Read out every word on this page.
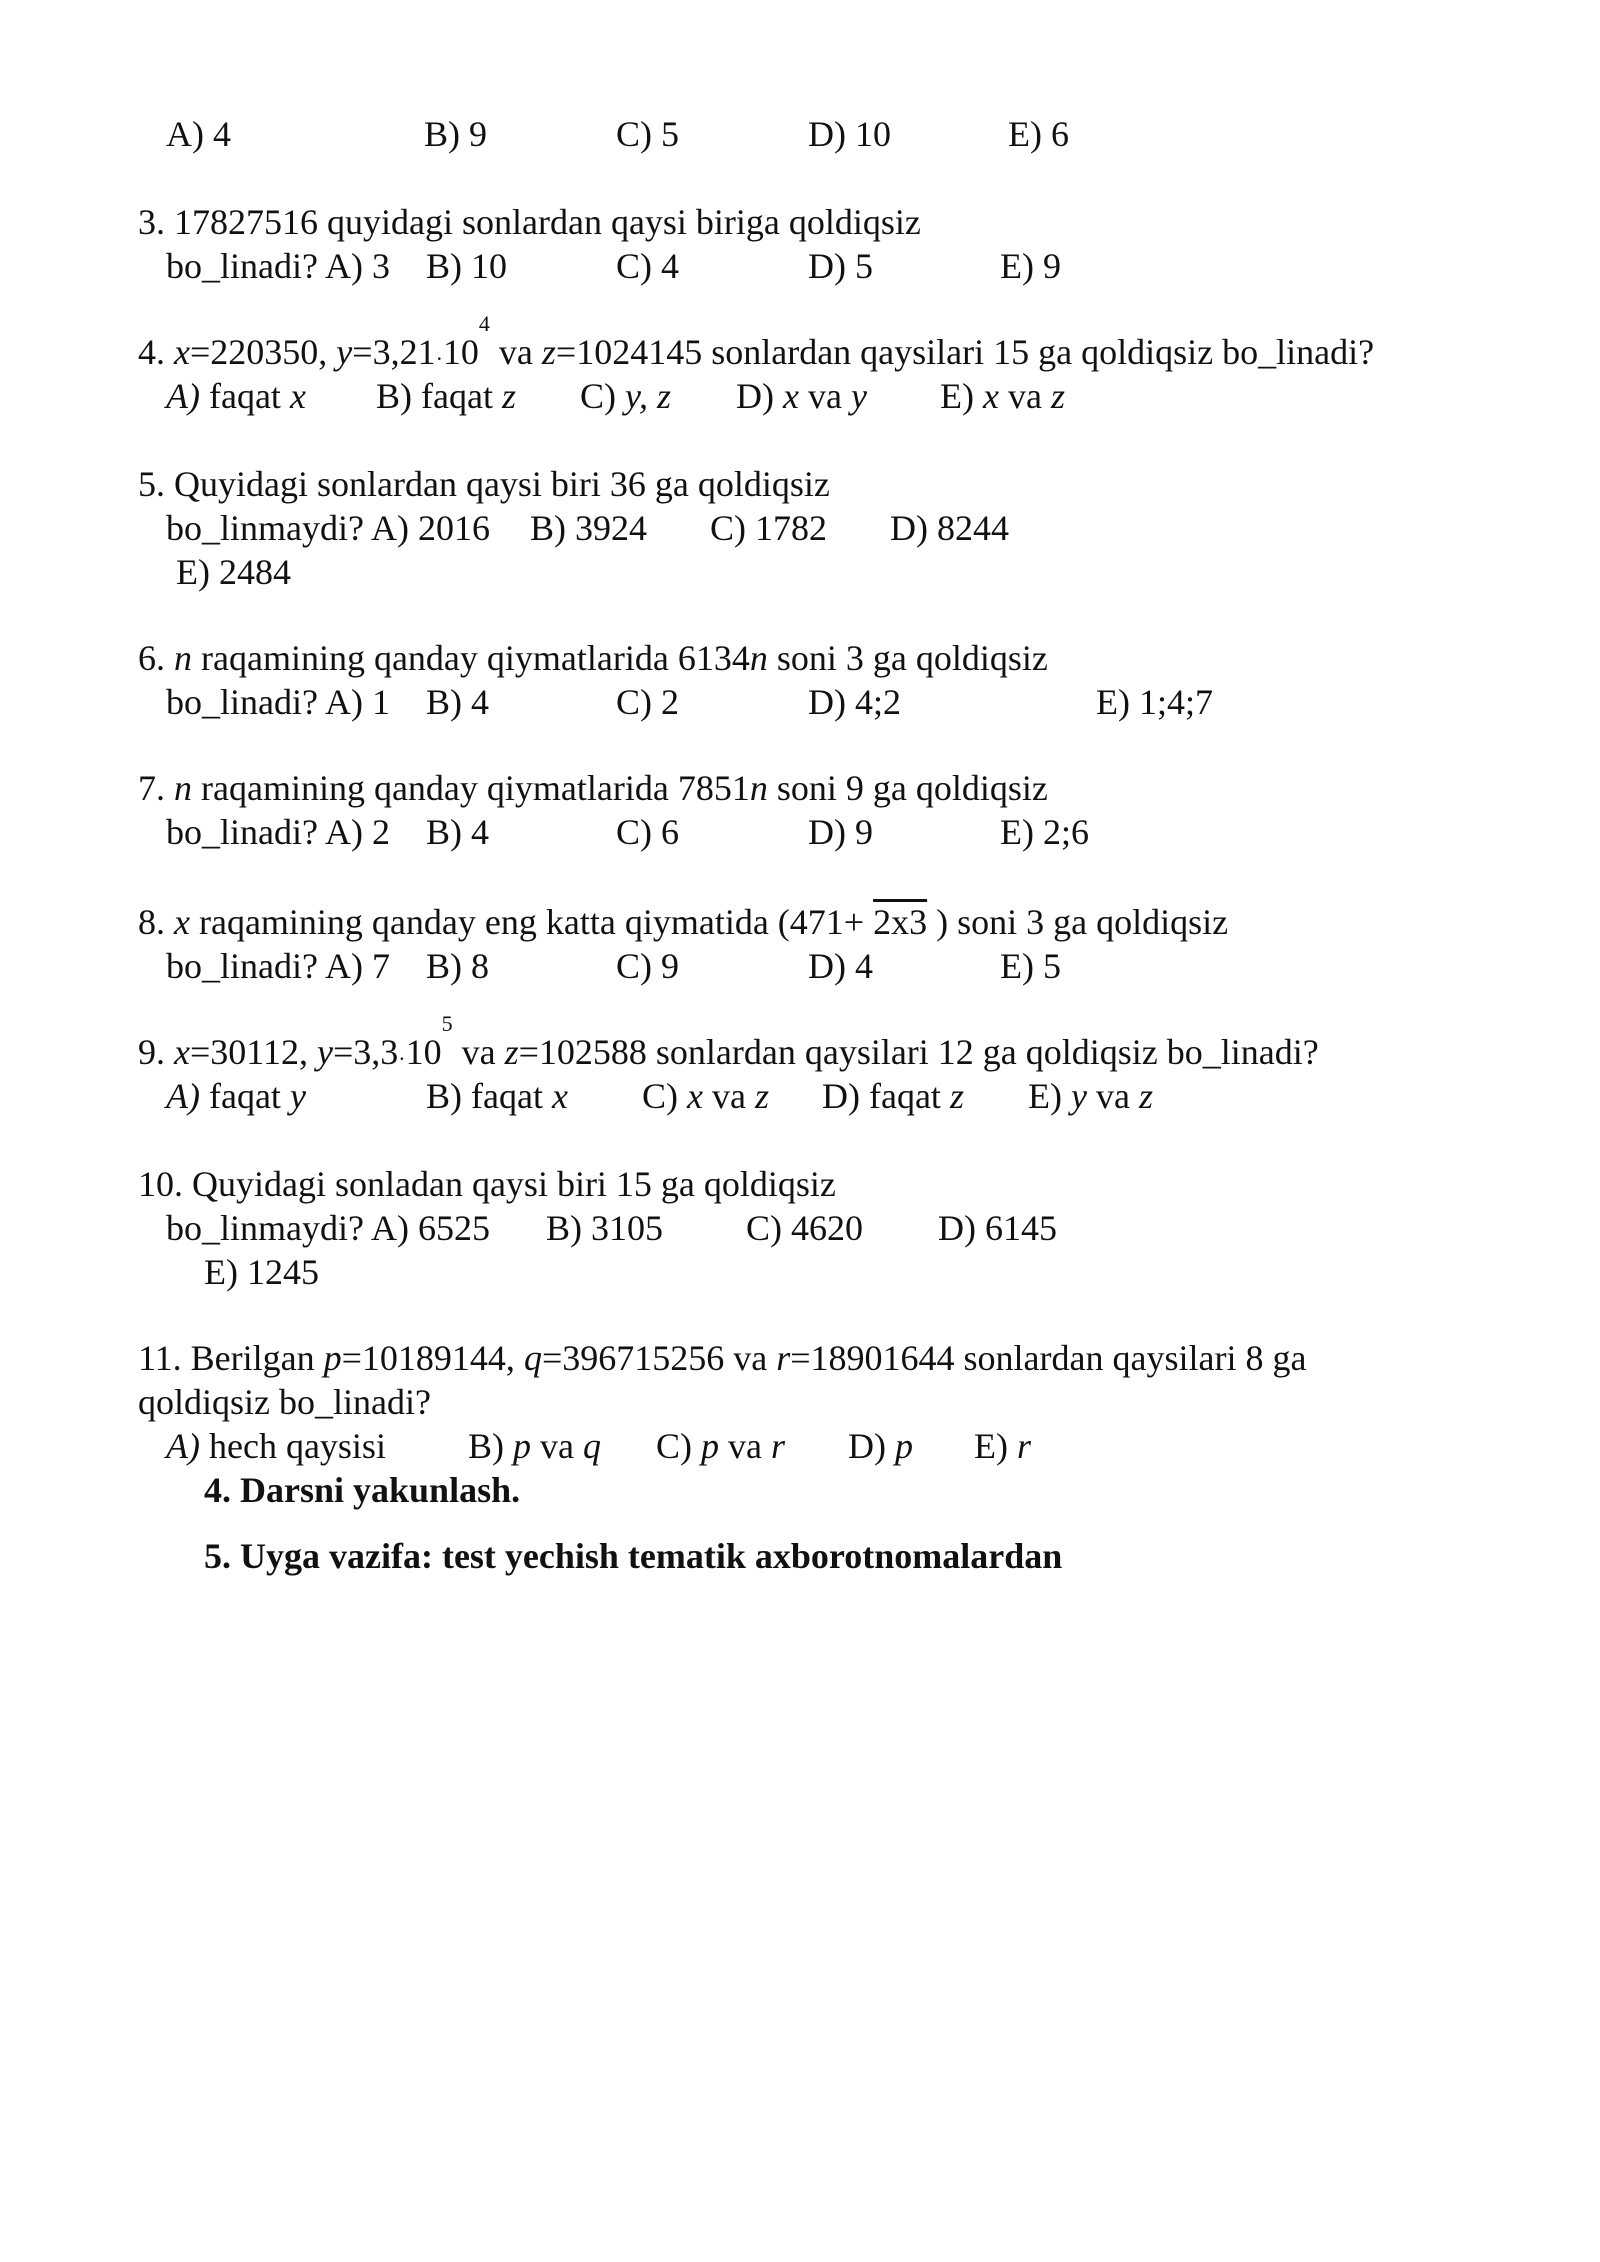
A) 4	B) 9	C) 5	D) 10	E) 6
3. 17827516 quyidagi sonlardan qaysi biriga qoldiqsiz
bo_linadi? A) 3 B) 10	C) 4	D) 5	E) 9
4. x=220350, $y=3,21\cdot 10^4$ va z=1024145 sonlardan qaysilari 15 ga qoldiqsiz bo_linadi?
A) faqat x B) faqat z C) y, z D) x va y E) x va z
5. Quyidagi sonlardan qaysi biri 36 ga qoldiqsiz
bo_linmaydi? A) 2016 B) 3924 C) 1782 D) 8244
E) 2484
6. n raqamining qanday qiymatlarida 6134n soni 3 ga qoldiqsiz
bo_linadi? A) 1 B) 4	C) 2	D) 4;2	E) 1;4;7
7. n raqamining qanday qiymatlarida 7851n soni 9 ga qoldiqsiz
bo_linadi? A) 2 B) 4	C) 6	D) 9	E) 2;6
8. x raqamining qanday eng katta qiymatida (471+ 2x3 ) soni 3 ga qoldiqsiz
bo_linadi? A) 7 B) 8	C) 9	D) 4	E) 5
9. x=30112, $y=3,3\cdot 10^5$ va z=102588 sonlardan qaysilari 12 ga qoldiqsiz bo_linadi?
A) faqat y	B) faqat x C) x va z D) faqat z E) y va z
10. Quyidagi sonladan qaysi biri 15 ga qoldiqsiz
bo_linmaydi? A) 6525 B) 3105 C) 4620 D) 6145
E) 1245
11. Berilgan p=10189144, q=396715256 va r=18901644 sonlardan qaysilari 8 ga
qoldiqsiz bo_linadi?
A) hech qaysisi B) p va q C) p va r D) p E) r
4. Darsni yakunlash.
5. Uyga vazifa: test yechish tematik axborotnomalardan
